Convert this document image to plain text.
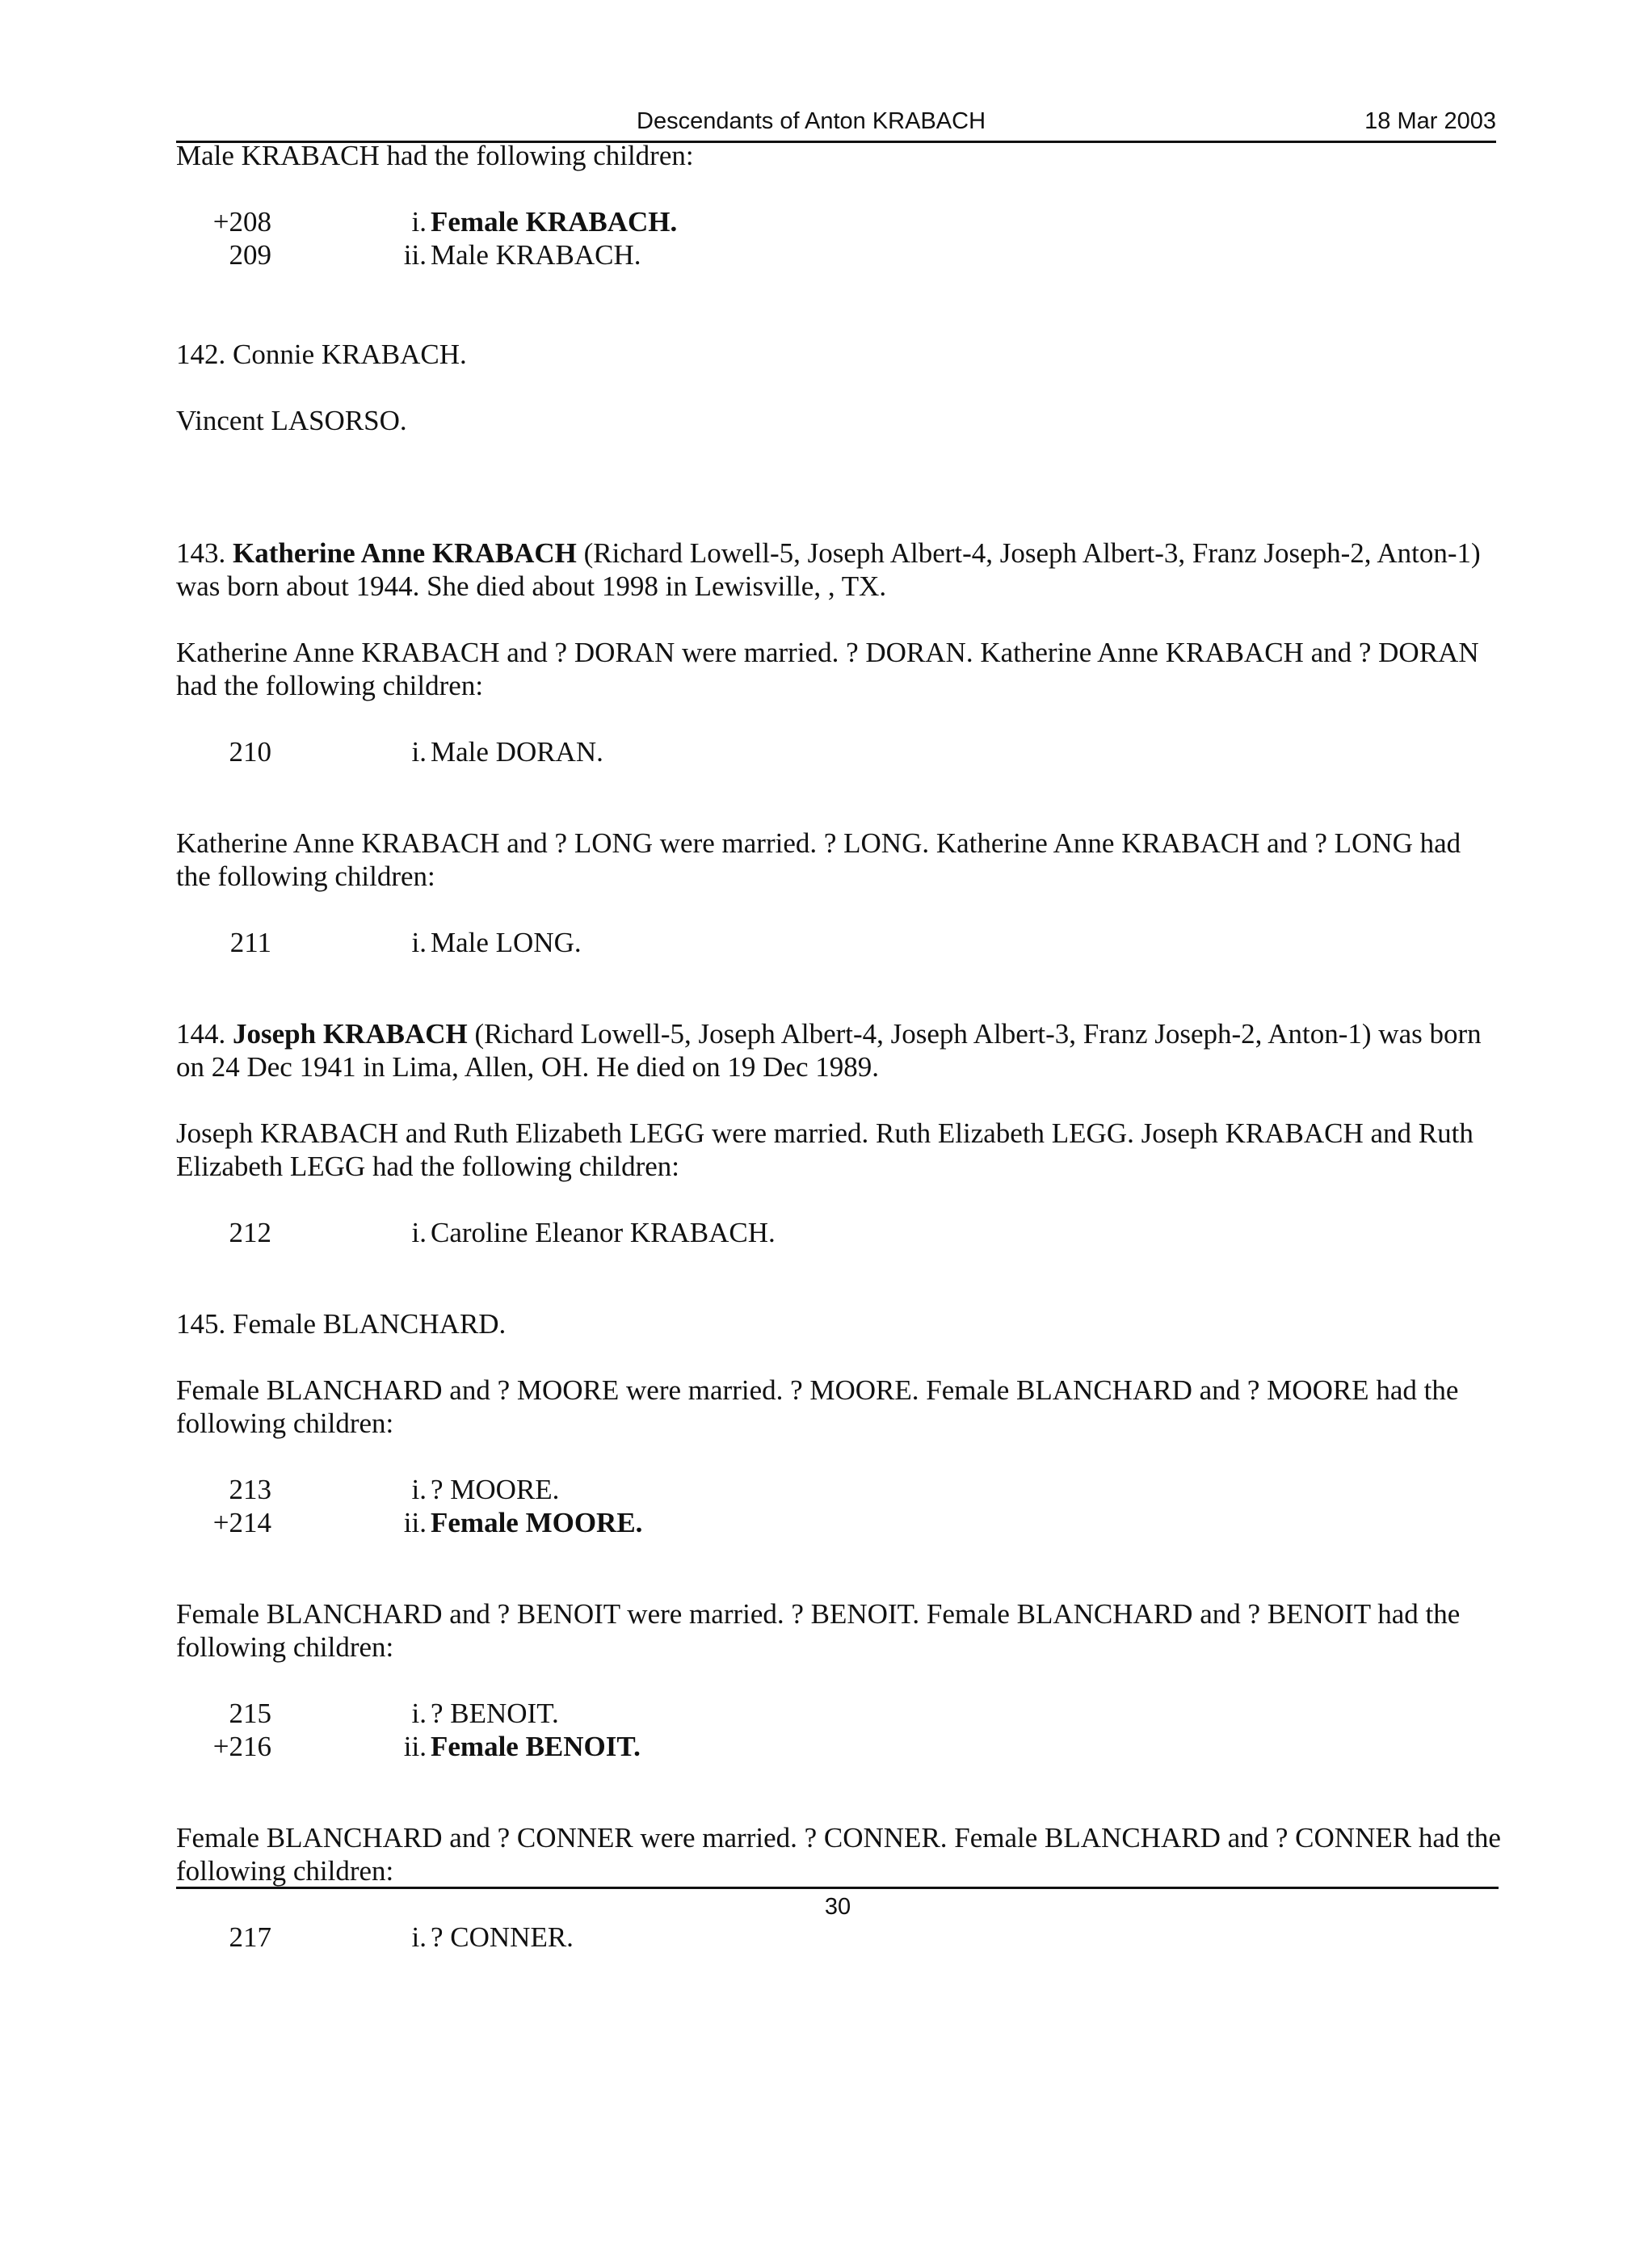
Descendants of Anton KRABACH	18 Mar 2003

Male KRABACH had the following children:

+208	i. Female KRABACH.
209	ii. Male KRABACH.

142. Connie KRABACH.

Vincent LASORSO.

143. Katherine Anne KRABACH (Richard Lowell-5, Joseph Albert-4, Joseph Albert-3, Franz Joseph-2, Anton-1) was born about 1944. She died about 1998 in Lewisville, , TX.

Katherine Anne KRABACH and ? DORAN were married. ? DORAN. Katherine Anne KRABACH and ? DORAN had the following children:

210	i. Male DORAN.

Katherine Anne KRABACH and ? LONG were married. ? LONG. Katherine Anne KRABACH and ? LONG had the following children:

211	i. Male LONG.

144. Joseph KRABACH (Richard Lowell-5, Joseph Albert-4, Joseph Albert-3, Franz Joseph-2, Anton-1) was born on 24 Dec 1941 in Lima, Allen, OH. He died on 19 Dec 1989.

Joseph KRABACH and Ruth Elizabeth LEGG were married. Ruth Elizabeth LEGG. Joseph KRABACH and Ruth Elizabeth LEGG had the following children:

212	i. Caroline Eleanor KRABACH.

145. Female BLANCHARD.

Female BLANCHARD and ? MOORE were married. ? MOORE. Female BLANCHARD and ? MOORE had the following children:

213	i. ? MOORE.
+214	ii. Female MOORE.

Female BLANCHARD and ? BENOIT were married. ? BENOIT. Female BLANCHARD and ? BENOIT had the following children:

215	i. ? BENOIT.
+216	ii. Female BENOIT.

Female BLANCHARD and ? CONNER were married. ? CONNER. Female BLANCHARD and ? CONNER had the following children:

217	i. ? CONNER.
30
